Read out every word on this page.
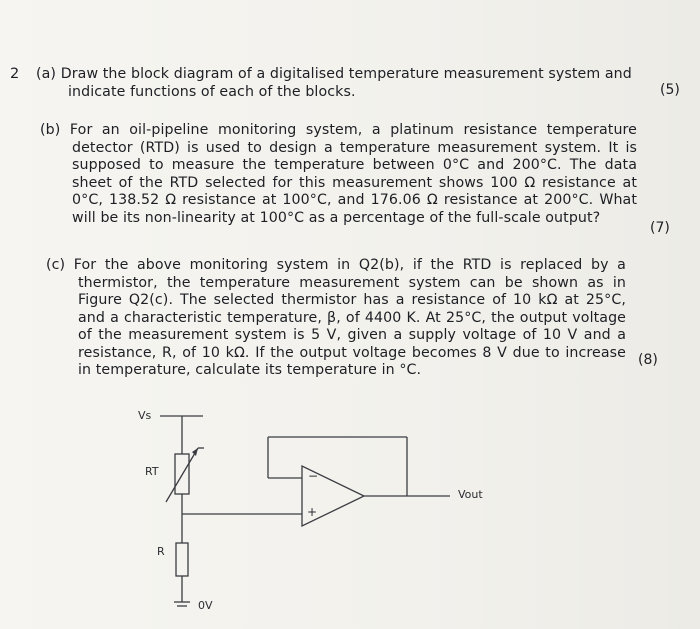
2 (a) Draw the block diagram of a digitalised temperature measurement system and indicate functions of each of the blocks.	(5)
(b) For an oil-pipeline monitoring system, a platinum resistance temperature detector (RTD) is used to design a temperature measurement system. It is supposed to measure the temperature between 0°C and 200°C. The data sheet of the RTD selected for this measurement shows 100 Ω resistance at 0°C, 138.52 Ω resistance at 100°C, and 176.06 Ω resistance at 200°C. What will be its non-linearity at 100°C as a percentage of the full-scale output?
(7)
(c) For the above monitoring system in Q2(b), if the RTD is replaced by a thermistor, the temperature measurement system can be shown as in Figure Q2(c). The selected thermistor has a resistance of 10 kΩ at 25°C, and a characteristic temperature, β, of 4400 K. At 25°C, the output voltage of the measurement system is 5 V, given a supply voltage of 10 V and a resistance, R, of 10 kΩ. If the output voltage becomes 8 V due to increase in temperature, calculate its temperature in °C.
(8)
Vs
RT
R
0V
Vout
−
+
